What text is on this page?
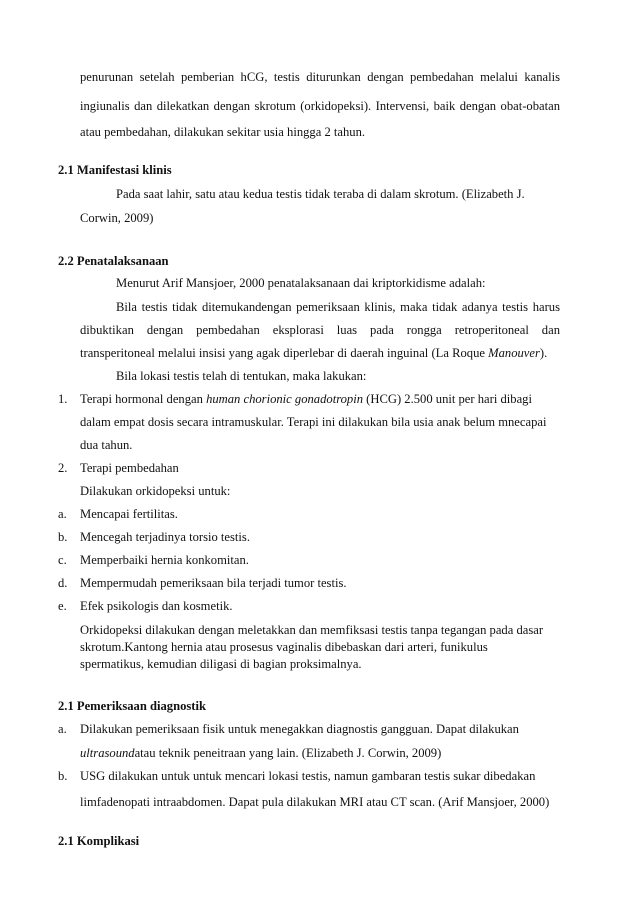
penurunan setelah pemberian hCG, testis diturunkan dengan pembedahan melalui kanalis
ingiunalis dan dilekatkan dengan skrotum (orkidopeksi). Intervensi, baik dengan obat-obatan
atau pembedahan, dilakukan sekitar usia hingga 2 tahun.
2.1 Manifestasi klinis
Pada saat lahir, satu atau kedua testis tidak teraba di dalam skrotum. (Elizabeth J.
Corwin, 2009)
2.2 Penatalaksanaan
Menurut Arif Mansjoer, 2000 penatalaksanaan dai kriptorkidisme adalah:
Bila testis tidak ditemukandengan pemeriksaan klinis, maka tidak adanya testis harus
dibuktikan dengan pembedahan eksplorasi luas pada rongga retroperitoneal dan
transperitoneal melalui insisi yang agak diperlebar di daerah inguinal (La Roque Manouver).
Bila lokasi testis telah di tentukan, maka lakukan:
1. Terapi hormonal dengan human chorionic gonadotropin (HCG) 2.500 unit per hari dibagi
dalam empat dosis secara intramuskular. Terapi ini dilakukan bila usia anak belum mnecapai
dua tahun.
2. Terapi pembedahan
Dilakukan orkidopeksi untuk:
a. Mencapai fertilitas.
b. Mencegah terjadinya torsio testis.
c. Memperbaiki hernia konkomitan.
d. Mempermudah pemeriksaan bila terjadi tumor testis.
e. Efek psikologis dan kosmetik.
Orkidopeksi dilakukan dengan meletakkan dan memfiksasi testis tanpa tegangan pada dasar
skrotum.Kantong hernia atau prosesus vaginalis dibebaskan dari arteri, funikulus
spermatikus, kemudian diligasi di bagian proksimalnya.
2.1 Pemeriksaan diagnostik
a. Dilakukan pemeriksaan fisik untuk menegakkan diagnostis gangguan. Dapat dilakukan
ultrasoundatau teknik peneitraan yang lain. (Elizabeth J. Corwin, 2009)
b. USG dilakukan untuk untuk mencari lokasi testis, namun gambaran testis sukar dibedakan
limfadenopati intraabdomen. Dapat pula dilakukan MRI atau CT scan. (Arif Mansjoer, 2000)
2.1 Komplikasi
